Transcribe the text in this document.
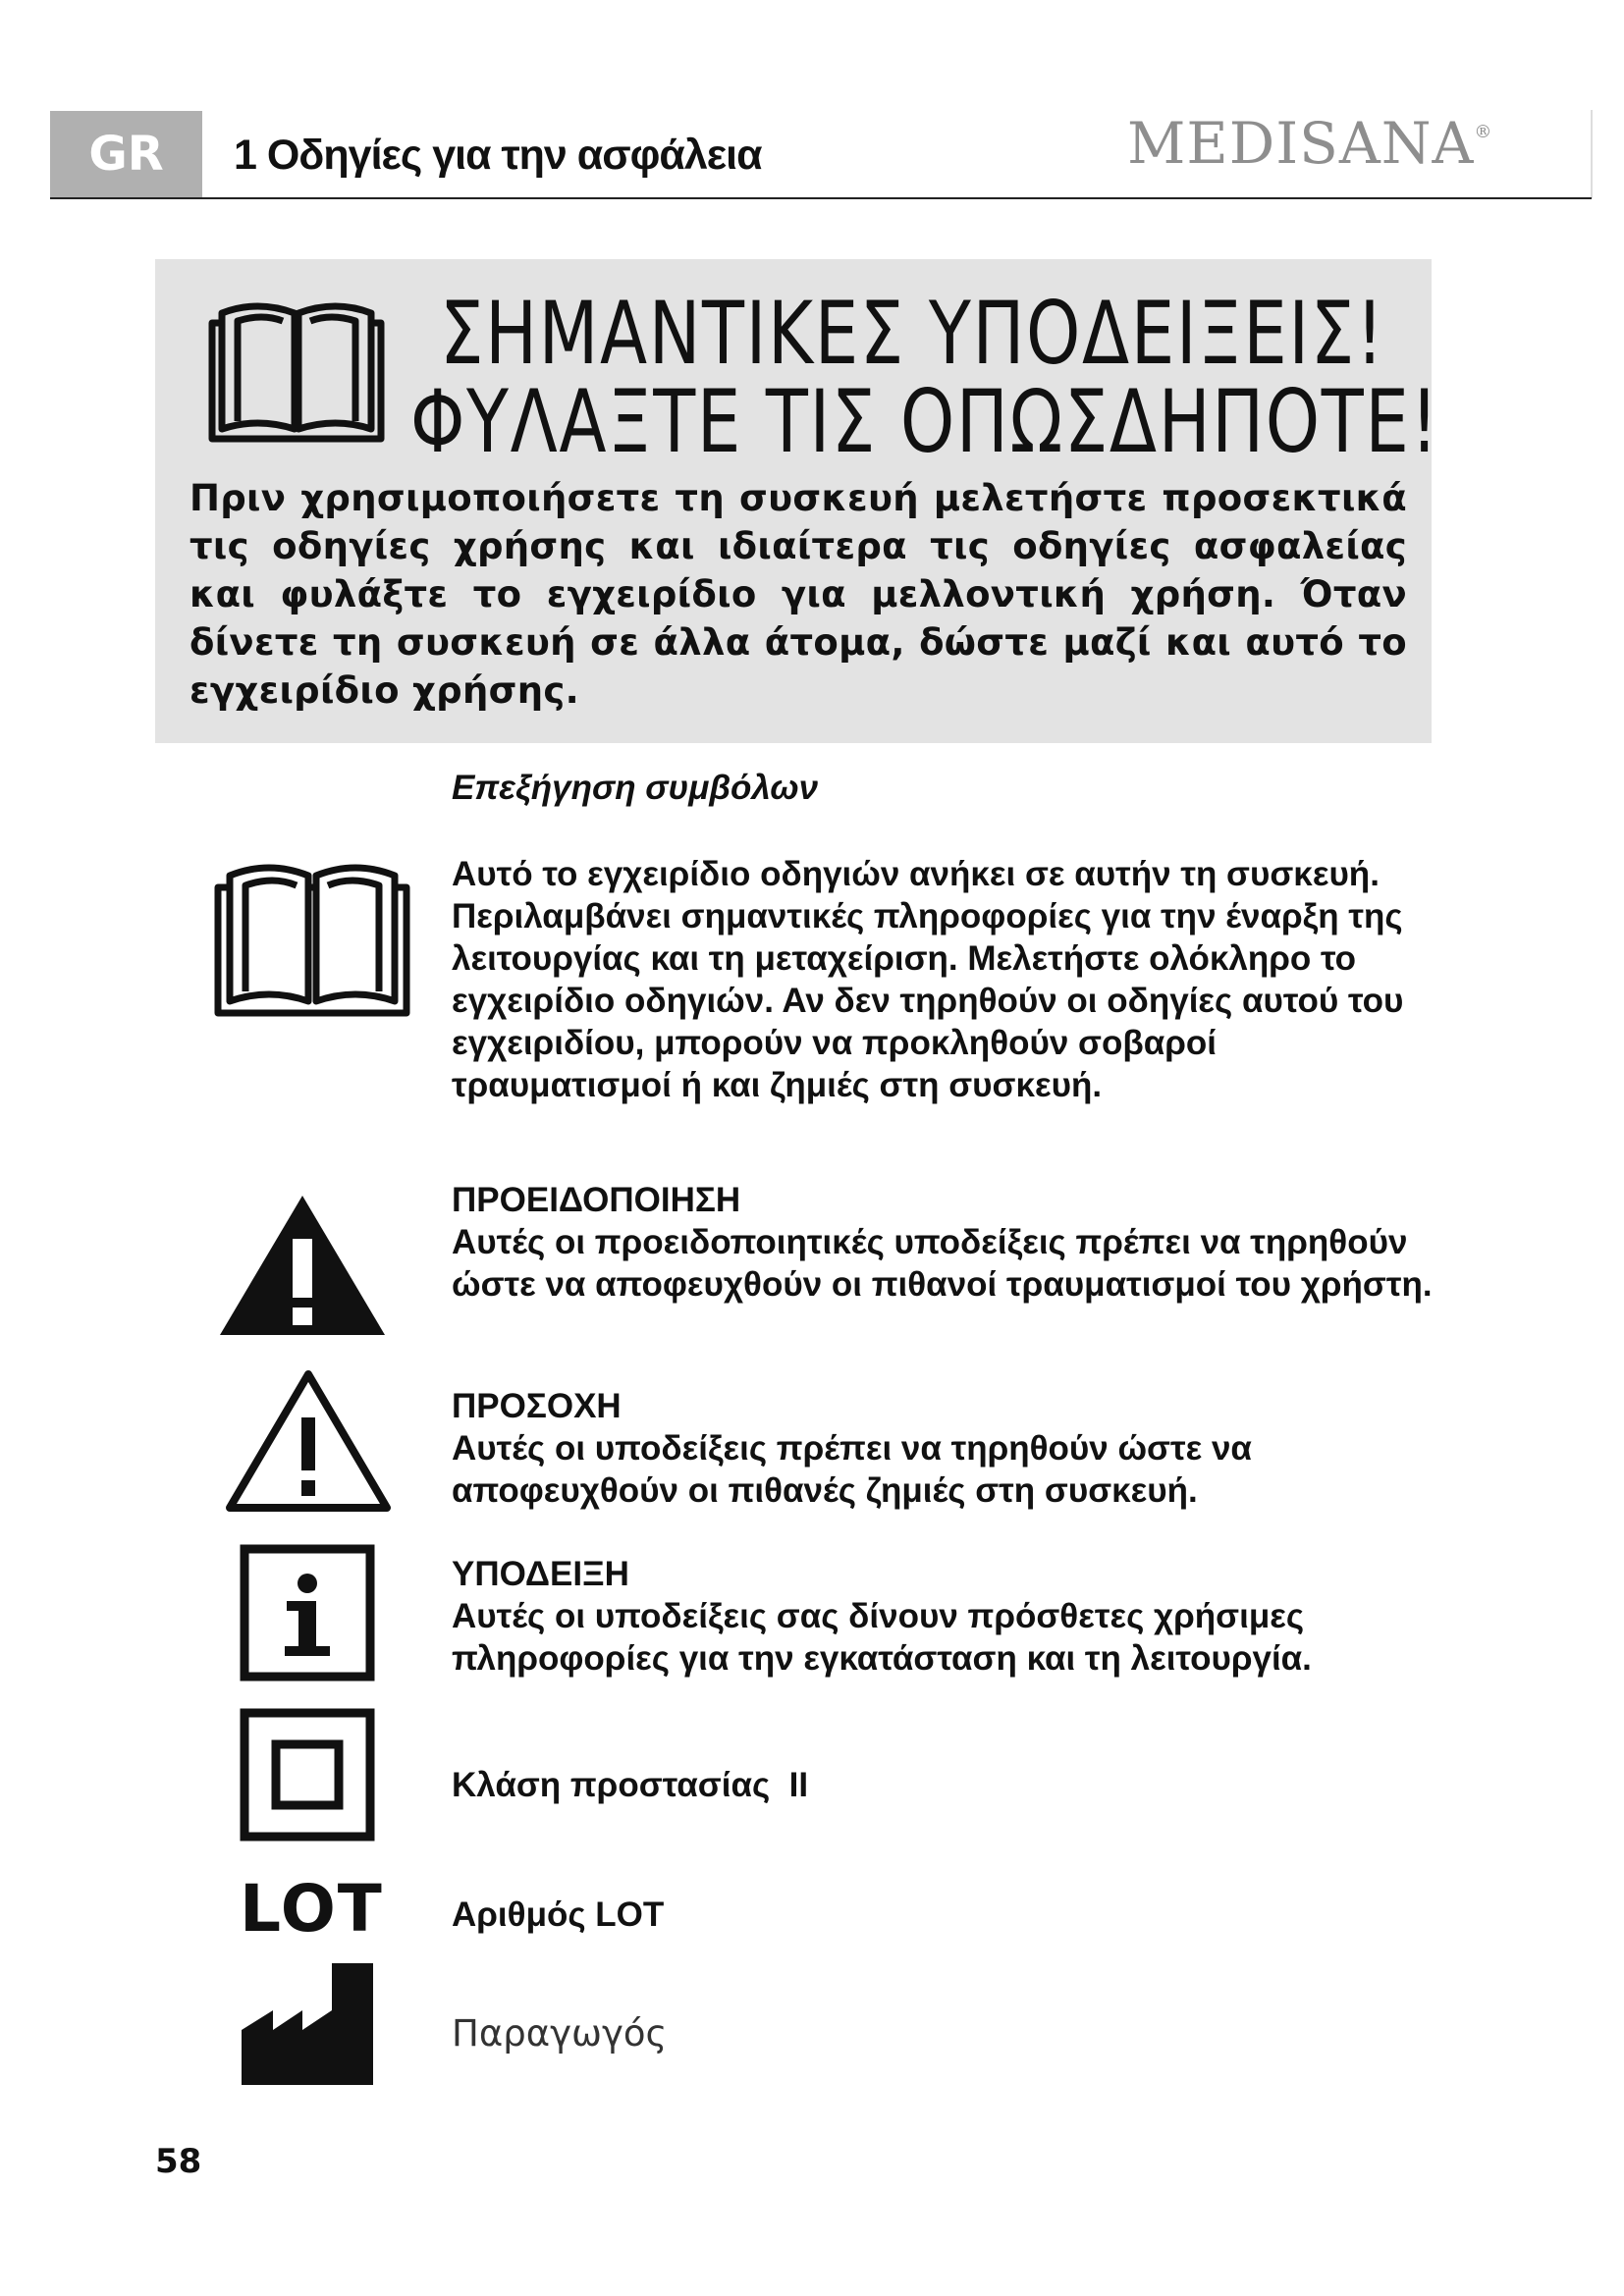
GR	1 Οδηγίες για την ασφάλεια	MEDISANA®
ΣΗΜΑΝΤΙΚΕΣ ΥΠΟΔΕΙΞΕΙΣ!
ΦΥΛΑΞΤΕ ΤΙΣ ΟΠΩΣΔΗΠΟΤΕ!
Πριν χρησιμοποιήσετε τη συσκευή μελετήστε προσεκτικά τις οδηγίες χρήσης και ιδιαίτερα τις οδηγίες ασφαλείας και φυλάξτε το εγχειρίδιο για μελλοντική χρήση. Όταν δίνετε τη συσκευή σε άλλα άτομα, δώστε μαζί και αυτό το εγχειρίδιο χρήσης.
Επεξήγηση συμβόλων
Αυτό το εγχειρίδιο οδηγιών ανήκει σε αυτήν τη συσκευή. Περιλαμβάνει σημαντικές πληροφορίες για την έναρξη της λειτουργίας και τη μεταχείριση. Μελετήστε ολόκληρο το εγχειρίδιο οδηγιών. Αν δεν τηρηθούν οι οδηγίες αυτού του εγχειριδίου, μπορούν να προκληθούν σοβαροί τραυματισμοί ή και ζημιές στη συσκευή.
ΠΡΟΕΙΔΟΠΟΙΗΣΗ
Αυτές οι προειδοποιητικές υποδείξεις πρέπει να τηρηθούν ώστε να αποφευχθούν οι πιθανοί τραυματισμοί του χρήστη.
ΠΡΟΣΟΧΗ
Αυτές οι υποδείξεις πρέπει να τηρηθούν ώστε να αποφευχθούν οι πιθανές ζημιές στη συσκευή.
ΥΠΟΔΕΙΞΗ
Αυτές οι υποδείξεις σας δίνουν πρόσθετες χρήσιμες πληροφορίες για την εγκατάσταση και τη λειτουργία.
Κλάση προστασίας  II
LOT Αριθμός LOT
Παραγωγός
58
